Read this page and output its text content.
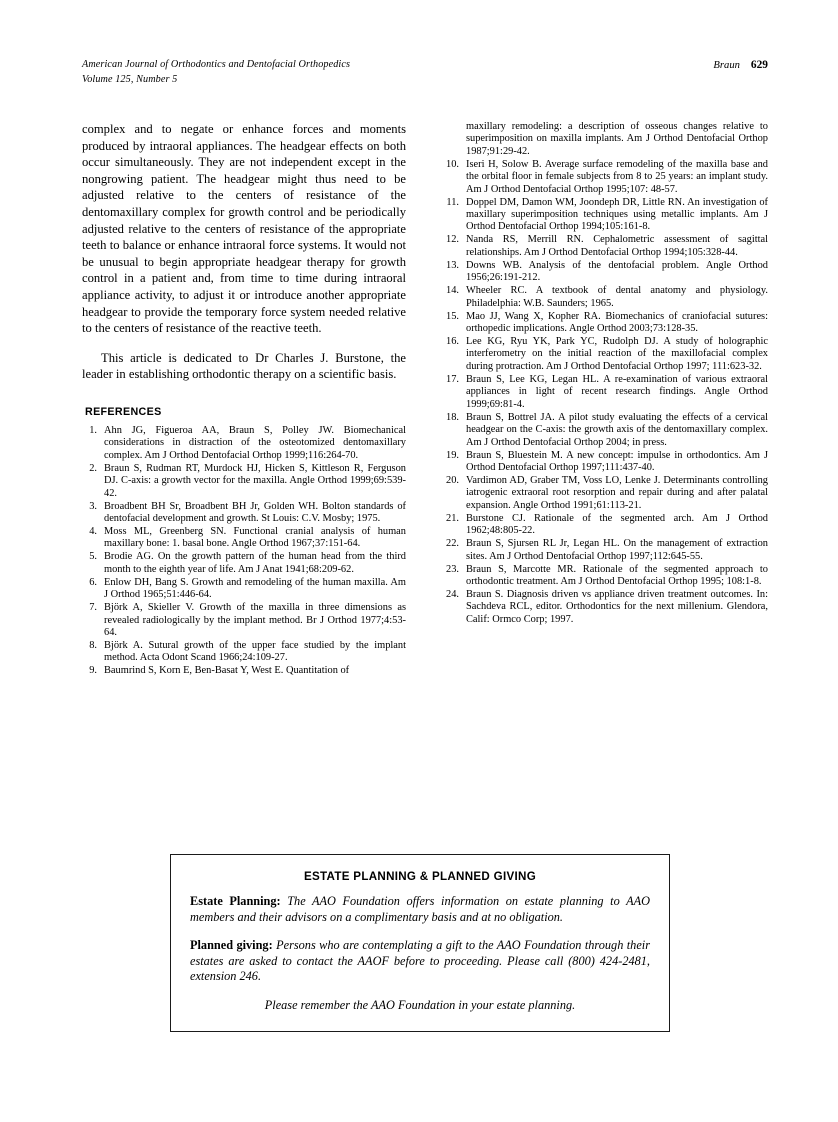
American Journal of Orthodontics and Dentofacial Orthopedics
Volume 125, Number 5
Braun 629

complex and to negate or enhance forces and moments produced by intraoral appliances. The headgear effects on both occur simultaneously. They are not independent except in the nongrowing patient. The headgear might thus need to be adjusted relative to the centers of resistance of the dentomaxillary complex for growth control and be periodically adjusted relative to the centers of resistance of the appropriate teeth to balance or enhance intraoral force systems. It would not be unusual to begin appropriate headgear therapy for growth control in a patient and, from time to time during intraoral appliance activity, to adjust it or introduce another appropriate headgear to provide the temporary force system needed relative to the centers of resistance of the reactive teeth.

This article is dedicated to Dr Charles J. Burstone, the leader in establishing orthodontic therapy on a scientific basis.

REFERENCES
1. Ahn JG, Figueroa AA, Braun S, Polley JW. Biomechanical considerations in distraction of the osteotomized dentomaxillary complex. Am J Orthod Dentofacial Orthop 1999;116:264-70.
2. Braun S, Rudman RT, Murdock HJ, Hicken S, Kittleson R, Ferguson DJ. C-axis: a growth vector for the maxilla. Angle Orthod 1999;69:539-42.
3. Broadbent BH Sr, Broadbent BH Jr, Golden WH. Bolton standards of dentofacial development and growth. St Louis: C.V. Mosby; 1975.
4. Moss ML, Greenberg SN. Functional cranial analysis of human maxillary bone: 1. basal bone. Angle Orthod 1967;37:151-64.
5. Brodie AG. On the growth pattern of the human head from the third month to the eighth year of life. Am J Anat 1941;68:209-62.
6. Enlow DH, Bang S. Growth and remodeling of the human maxilla. Am J Orthod 1965;51:446-64.
7. Björk A, Skieller V. Growth of the maxilla in three dimensions as revealed radiologically by the implant method. Br J Orthod 1977;4:53-64.
8. Björk A. Sutural growth of the upper face studied by the implant method. Acta Odont Scand 1966;24:109-27.
9. Baumrind S, Korn E, Ben-Basat Y, West E. Quantitation of
maxillary remodeling: a description of osseous changes relative to superimposition on maxilla implants. Am J Orthod Dentofacial Orthop 1987;91:29-42.
10. Iseri H, Solow B. Average surface remodeling of the maxilla base and the orbital floor in female subjects from 8 to 25 years: an implant study. Am J Orthod Dentofacial Orthop 1995;107: 48-57.
11. Doppel DM, Damon WM, Joondeph DR, Little RN. An investigation of maxillary superimposition techniques using metallic implants. Am J Orthod Dentofacial Orthop 1994;105:161-8.
12. Nanda RS, Merrill RN. Cephalometric assessment of sagittal relationships. Am J Orthod Dentofacial Orthop 1994;105:328-44.
13. Downs WB. Analysis of the dentofacial problem. Angle Orthod 1956;26:191-212.
14. Wheeler RC. A textbook of dental anatomy and physiology. Philadelphia: W.B. Saunders; 1965.
15. Mao JJ, Wang X, Kopher RA. Biomechanics of craniofacial sutures: orthopedic implications. Angle Orthod 2003;73:128-35.
16. Lee KG, Ryu YK, Park YC, Rudolph DJ. A study of holographic interferometry on the initial reaction of the maxillofacial complex during protraction. Am J Orthod Dentofacial Orthop 1997; 111:623-32.
17. Braun S, Lee KG, Legan HL. A re-examination of various extraoral appliances in light of recent research findings. Angle Orthod 1999;69:81-4.
18. Braun S, Bottrel JA. A pilot study evaluating the effects of a cervical headgear on the C-axis: the growth axis of the dentomaxillary complex. Am J Orthod Dentofacial Orthop 2004; in press.
19. Braun S, Bluestein M. A new concept: impulse in orthodontics. Am J Orthod Dentofacial Orthop 1997;111:437-40.
20. Vardimon AD, Graber TM, Voss LO, Lenke J. Determinants controlling iatrogenic extraoral root resorption and repair during and after palatal expansion. Angle Orthod 1991;61:113-21.
21. Burstone CJ. Rationale of the segmented arch. Am J Orthod 1962;48:805-22.
22. Braun S, Sjursen RL Jr, Legan HL. On the management of extraction sites. Am J Orthod Dentofacial Orthop 1997;112:645-55.
23. Braun S, Marcotte MR. Rationale of the segmented approach to orthodontic treatment. Am J Orthod Dentofacial Orthop 1995; 108:1-8.
24. Braun S. Diagnosis driven vs appliance driven treatment outcomes. In: Sachdeva RCL, editor. Orthodontics for the next millenium. Glendora, Calif: Ormco Corp; 1997.
ESTATE PLANNING & PLANNED GIVING

Estate Planning: The AAO Foundation offers information on estate planning to AAO members and their advisors on a complimentary basis and at no obligation.

Planned giving: Persons who are contemplating a gift to the AAO Foundation through their estates are asked to contact the AAOF before to proceeding. Please call (800) 424-2481, extension 246.

Please remember the AAO Foundation in your estate planning.
